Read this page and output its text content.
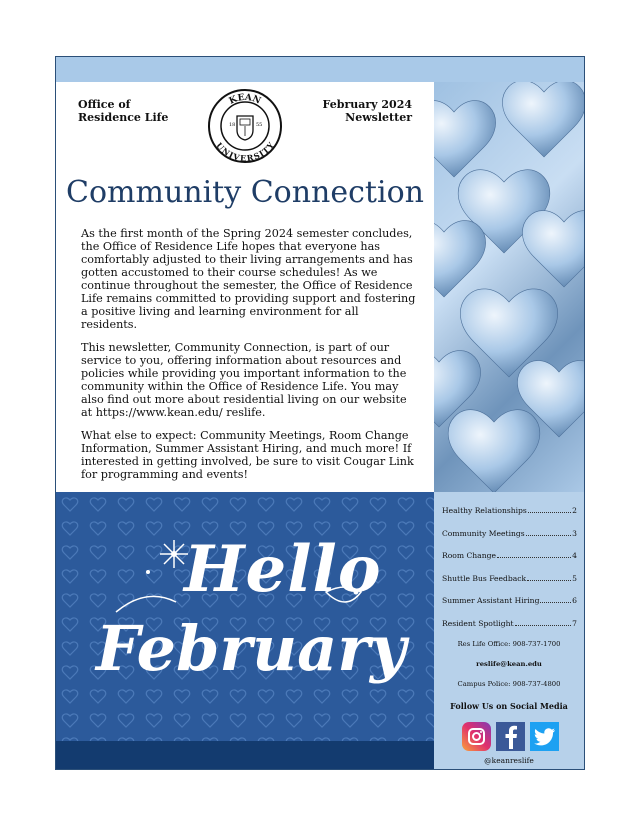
Office of
Residence Life
KEAN
UNIVERSITY
18	55
February 2024
Newsletter
Community Connection

As the first month of the Spring 2024 semester concludes, the Office of Residence Life hopes that everyone has comfortably adjusted to their living arrangements and has gotten accustomed to their course schedules! As we continue throughout the semester, the Office of Residence Life remains committed to providing support and fostering a positive living and learning environment for all residents.

This newsletter, Community Connection, is part of our service to you, offering information about resources and policies while providing you important information to the community within the Office of Residence Life. You may also find out more about residential living on our website at https://www.kean.edu/ reslife.

What else to expect: Community Meetings, Room Change Information, Summer Assistant Hiring, and much more! If interested in getting involved, be sure to visit Cougar Link for programming and events!

Hello
February
Healthy Relationships	2
Community Meetings	3
Room Change	4
Shuttle Bus Feedback	5
Summer Assistant Hiring	6
Resident Spotlight	7
Res Life Office: 908-737-1700
reslife@kean.edu
Campus Police: 908-737-4800
Follow Us on Social Media
@keanreslife
